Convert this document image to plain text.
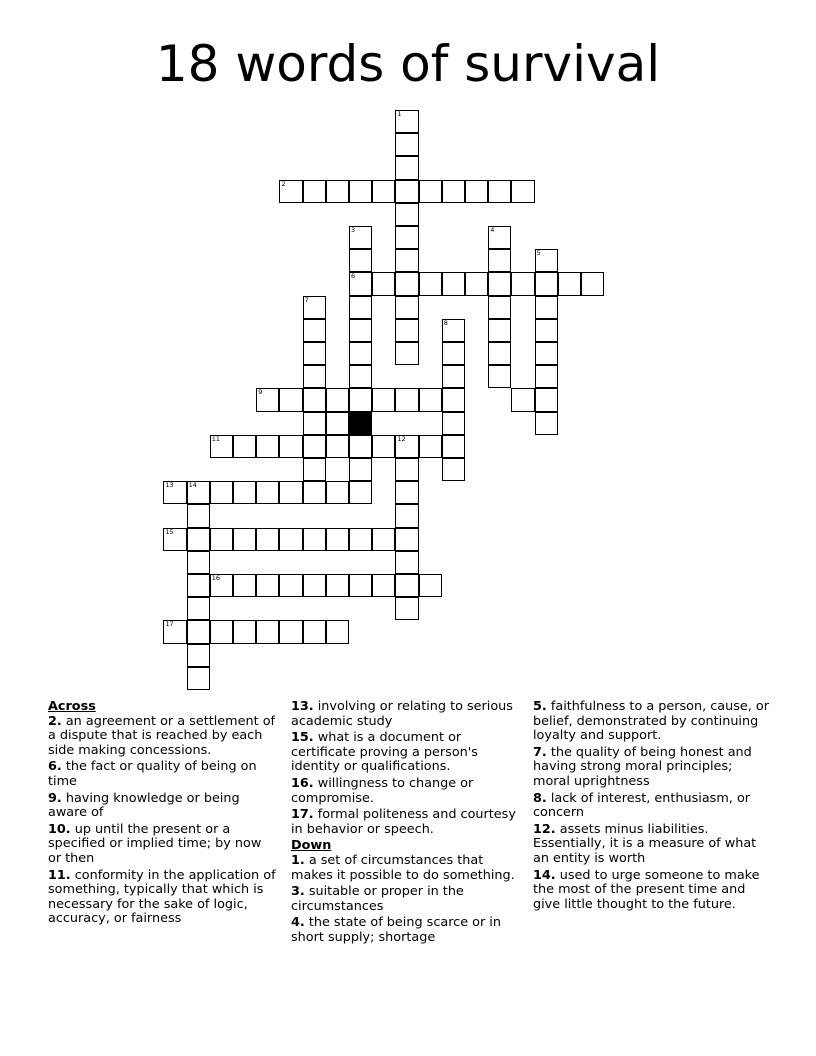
18 words of survival
1
2
3
6
4
5
7
8
9
11	12
13 14
15
16
17

Across

2. an agreement or a settlement of a dispute that is reached by each side making concessions.

6. the fact or quality of being on time

9. having knowledge or being aware of

10. up until the present or a specified or implied time; by now or then

11. conformity in the application of something, typically that which is necessary for the sake of logic, accuracy, or fairness

13. involving or relating to serious academic study

15. what is a document or certificate proving a person's identity or qualifications.

16. willingness to change or compromise.

17. formal politeness and courtesy in behavior or speech.

Down

1. a set of circumstances that makes it possible to do something.

3. suitable or proper in the circumstances

4. the state of being scarce or in short supply; shortage

5. faithfulness to a person, cause, or belief, demonstrated by continuing loyalty and support.

7. the quality of being honest and having strong moral principles; moral uprightness

8. lack of interest, enthusiasm, or concern

12. assets minus liabilities. Essentially, it is a measure of what an entity is worth

14. used to urge someone to make the most of the present time and give little thought to the future.
